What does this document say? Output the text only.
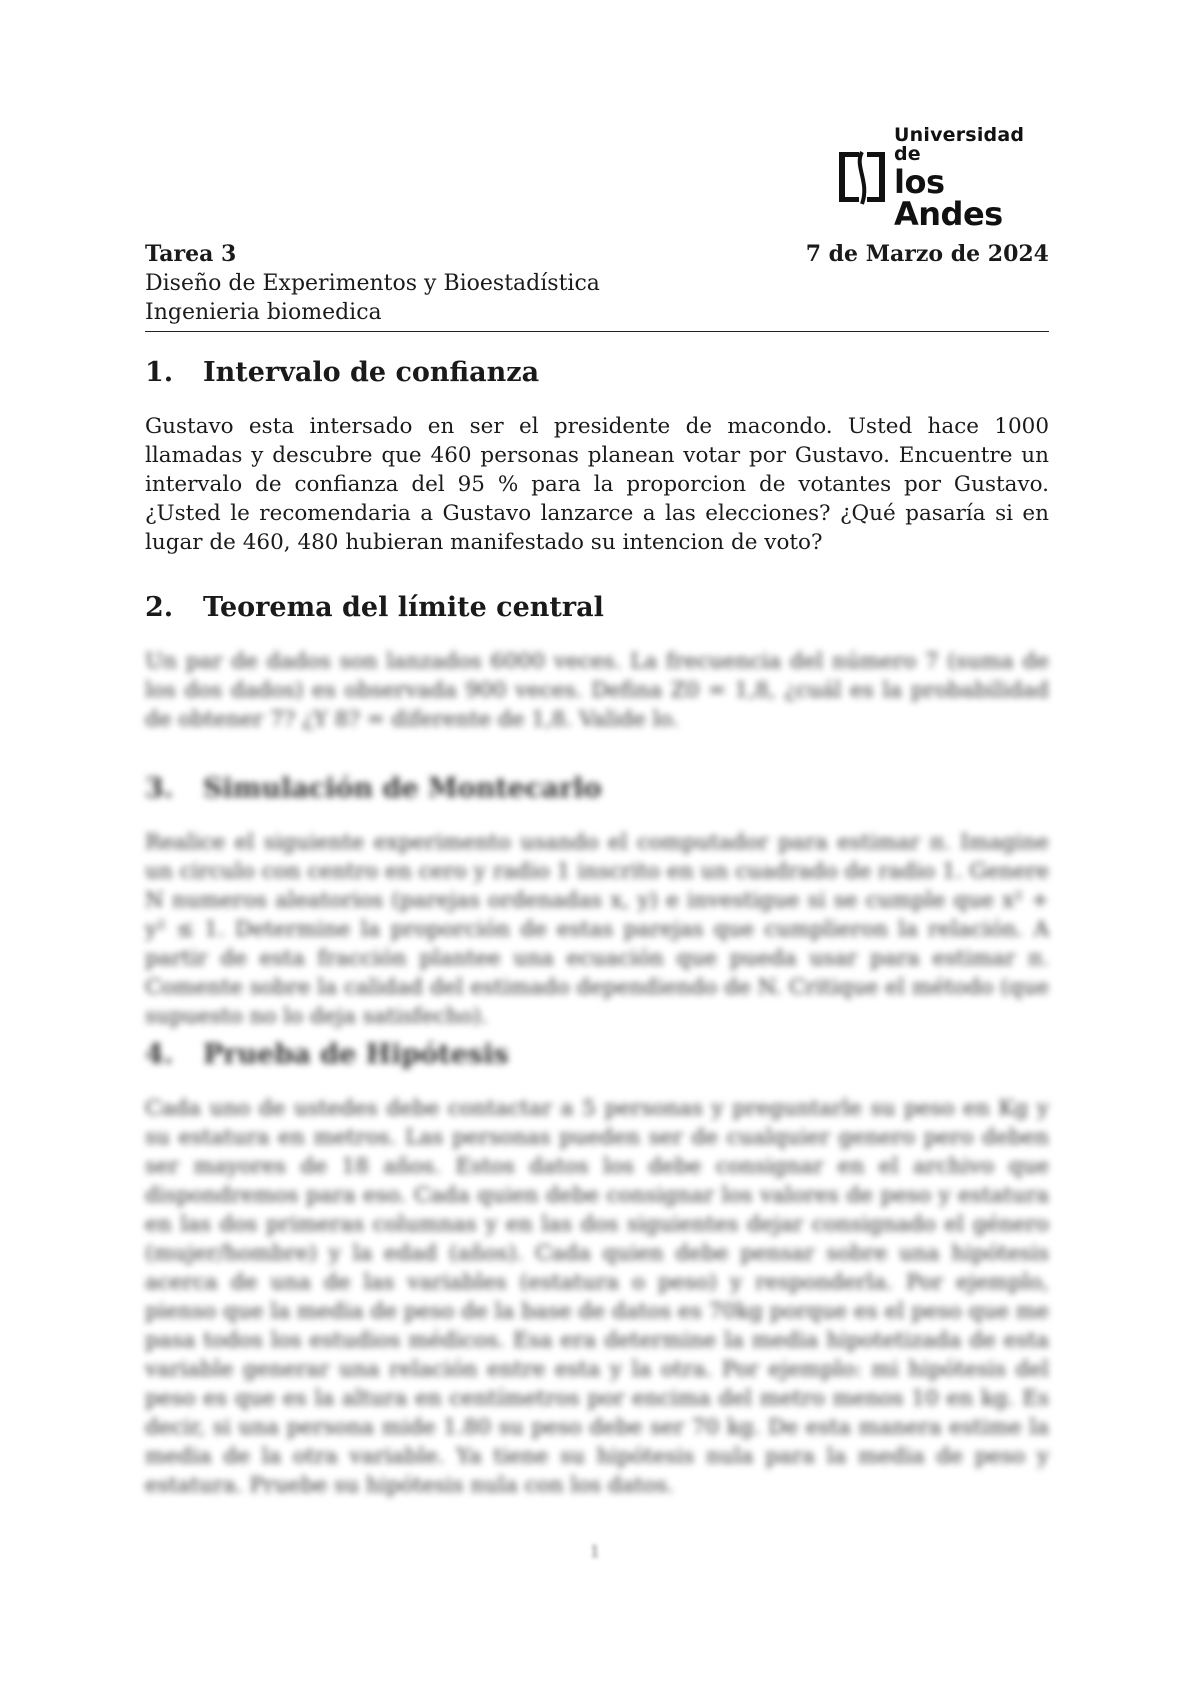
Universidad de
los Andes
Tarea 3	7 de Marzo de 2024
Diseño de Experimentos y Bioestadística
Ingenieria biomedica
1. Intervalo de confianza

Gustavo esta intersado en ser el presidente de macondo. Usted hace 1000 llamadas y descubre que 460 personas planean votar por Gustavo. Encuentre un intervalo de confianza del 95 % para la proporcion de votantes por Gustavo. ¿Usted le recomendaria a Gustavo lanzarce a las elecciones? ¿Qué pasaría si en lugar de 460, 480 hubieran manifestado su intencion de voto?

2. Teorema del límite central

Un par de dados son lanzados 6000 veces. La frecuencia del número 7 (suma de los dos dados) es observada 900 veces. Defina Z0 = 1,8, ¿cuál es la probabilidad de obtener 7? ¿Y 8? = diferente de 1,8. Valide lo.

3. Simulación de Montecarlo

Realice el siguiente experimento usando el computador para estimar π. Imagine un circulo con centro en cero y radio 1 inscrito en un cuadrado de radio 1. Genere N numeros aleatorios (parejas ordenadas x, y) e investigue si se cumple que x² + y² ≤ 1. Determine la proporción de estas parejas que cumplieron la relación. A partir de esta fracción plantee una ecuación que pueda usar para estimar π. Comente sobre la calidad del estimado dependiendo de N. Critique el método (que supuesto no lo deja satisfecho).

4. Prueba de Hipótesis

Cada uno de ustedes debe contactar a 5 personas y preguntarle su peso en Kg y su estatura en metros. Las personas pueden ser de cualquier genero pero deben ser mayores de 18 años. Estos datos los debe consignar en el archivo que dispondremos para eso. Cada quien debe consignar los valores de peso y estatura en las dos primeras columnas y en las dos siguientes dejar consignado el género (mujer/hombre) y la edad (años). Cada quien debe pensar sobre una hipótesis acerca de una de las variables (estatura o peso) y responderla. Por ejemplo, pienso que la media de peso de la base de datos es 70kg porque es el peso que me pasa todos los estudios médicos. Esa era determine la media hipotetizada de esta variable generar una relación entre esta y la otra. Por ejemplo: mi hipótesis del peso es que es la altura en centímetros por encima del metro menos 10 en kg. Es decir, si una persona mide 1.80 su peso debe ser 70 kg. De esta manera estime la media de la otra variable. Ya tiene su hipótesis nula para la media de peso y estatura. Pruebe su hipótesis nula con los datos.

1
